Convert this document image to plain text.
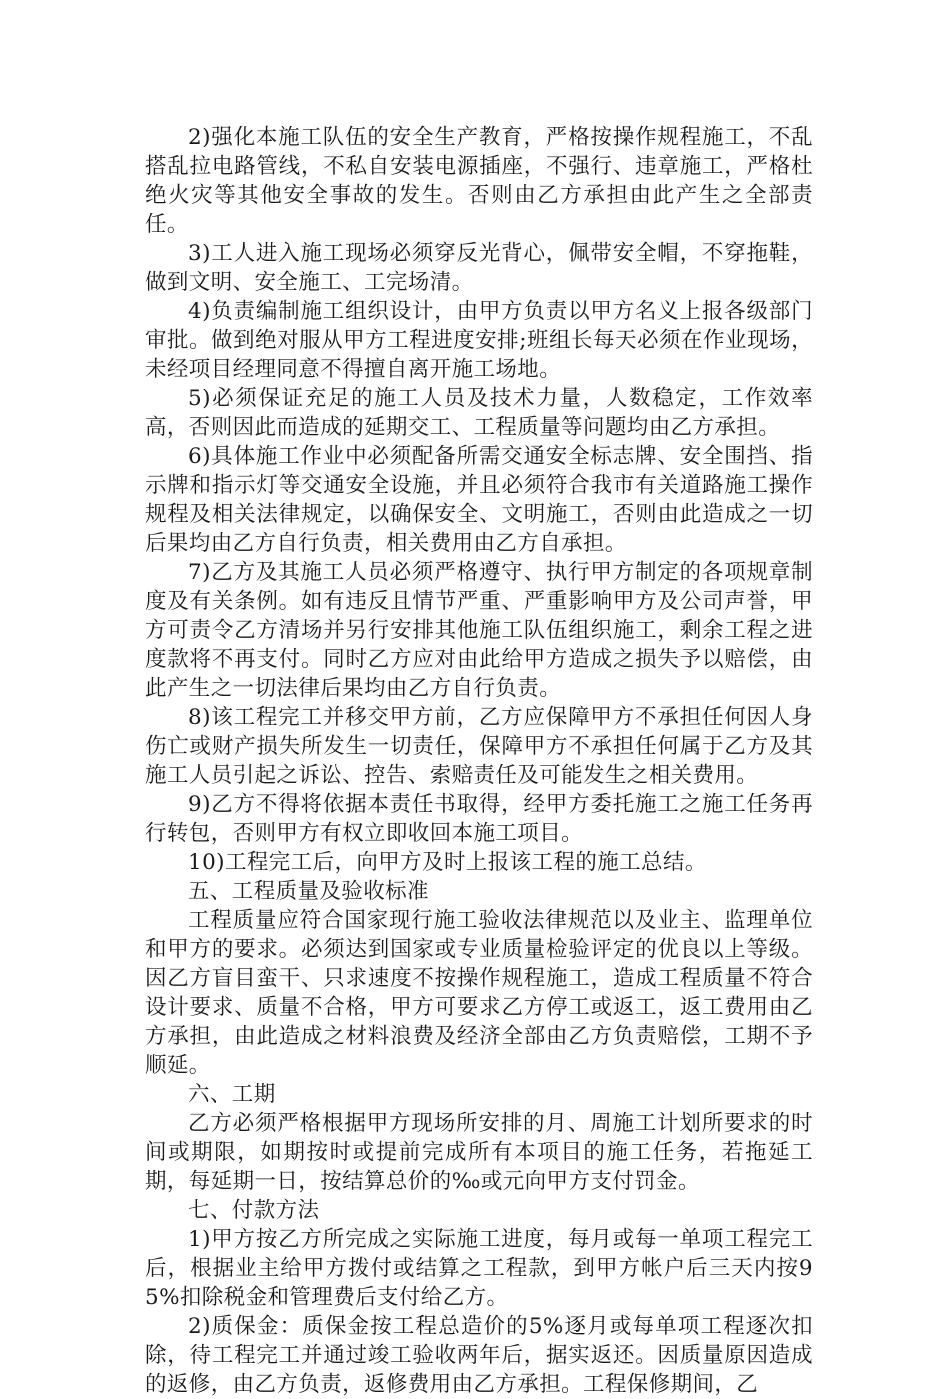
2)强化本施工队伍的安全生产教育，严格按操作规程施工，不乱搭乱拉电路管线，不私自安装电源插座，不强行、违章施工，严格杜绝火灾等其他安全事故的发生。否则由乙方承担由此产生之全部责任。

3)工人进入施工现场必须穿反光背心，佩带安全帽，不穿拖鞋，做到文明、安全施工、工完场清。

4)负责编制施工组织设计，由甲方负责以甲方名义上报各级部门审批。做到绝对服从甲方工程进度安排;班组长每天必须在作业现场，未经项目经理同意不得擅自离开施工场地。

5)必须保证充足的施工人员及技术力量，人数稳定，工作效率高，否则因此而造成的延期交工、工程质量等问题均由乙方承担。

6)具体施工作业中必须配备所需交通安全标志牌、安全围挡、指示牌和指示灯等交通安全设施，并且必须符合我市有关道路施工操作规程及相关法律规定，以确保安全、文明施工，否则由此造成之一切后果均由乙方自行负责，相关费用由乙方自承担。

7)乙方及其施工人员必须严格遵守、执行甲方制定的各项规章制度及有关条例。如有违反且情节严重、严重影响甲方及公司声誉，甲方可责令乙方清场并另行安排其他施工队伍组织施工，剩余工程之进度款将不再支付。同时乙方应对由此给甲方造成之损失予以赔偿，由此产生之一切法律后果均由乙方自行负责。

8)该工程完工并移交甲方前，乙方应保障甲方不承担任何因人身伤亡或财产损失所发生一切责任，保障甲方不承担任何属于乙方及其施工人员引起之诉讼、控告、索赔责任及可能发生之相关费用。

9)乙方不得将依据本责任书取得，经甲方委托施工之施工任务再行转包，否则甲方有权立即收回本施工项目。

10)工程完工后，向甲方及时上报该工程的施工总结。

五、工程质量及验收标准

工程质量应符合国家现行施工验收法律规范以及业主、监理单位和甲方的要求。必须达到国家或专业质量检验评定的优良以上等级。因乙方盲目蛮干、只求速度不按操作规程施工，造成工程质量不符合设计要求、质量不合格，甲方可要求乙方停工或返工，返工费用由乙方承担，由此造成之材料浪费及经济全部由乙方负责赔偿，工期不予顺延。

六、工期

乙方必须严格根据甲方现场所安排的月、周施工计划所要求的时间或期限，如期按时或提前完成所有本项目的施工任务，若拖延工期，每延期一日，按结算总价的‰或元向甲方支付罚金。

七、付款方法

1)甲方按乙方所完成之实际施工进度，每月或每一单项工程完工后，根据业主给甲方拨付或结算之工程款，到甲方帐户后三天内按95%扣除税金和管理费后支付给乙方。

2)质保金：质保金按工程总造价的5%逐月或每单项工程逐次扣除，待工程完工并通过竣工验收两年后，据实返还。因质量原因造成的返修，由乙方负责，返修费用由乙方承担。工程保修期间，乙
